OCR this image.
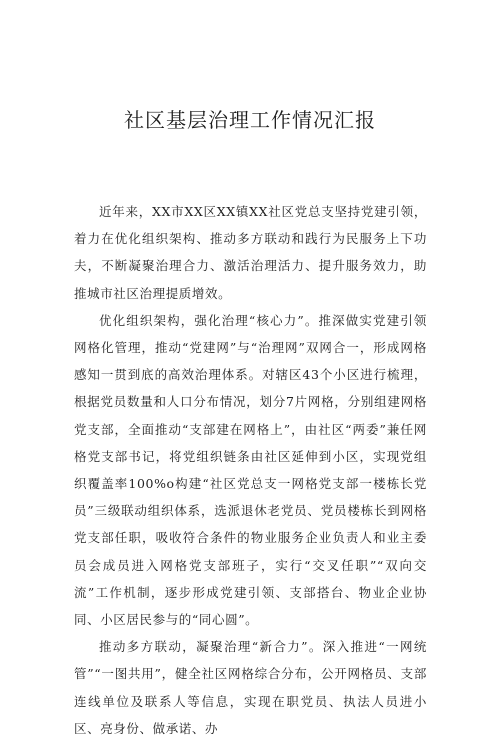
社区基层治理工作情况汇报

近年来，XX市XX区XX镇XX社区党总支坚持党建引领，着力在优化组织架构、推动多方联动和践行为民服务上下功夫，不断凝聚治理合力、激活治理活力、提升服务效力，助推城市社区治理提质增效。

优化组织架构，强化治理“核心力”。推深做实党建引领网格化管理，推动“党建网”与“治理网”双网合一，形成网格感知一贯到底的高效治理体系。对辖区43个小区进行梳理，根据党员数量和人口分布情况，划分7片网格，分别组建网格党支部，全面推动“支部建在网格上”，由社区“两委”兼任网格党支部书记，将党组织链条由社区延伸到小区，实现党组织覆盖率100%o构建“社区党总支一网格党支部一楼栋长党员”三级联动组织体系，选派退休老党员、党员楼栋长到网格党支部任职，吸收符合条件的物业服务企业负责人和业主委员会成员进入网格党支部班子，实行“交叉任职”“双向交流”工作机制，逐步形成党建引领、支部搭台、物业企业协同、小区居民参与的“同心圆”。

推动多方联动，凝聚治理“新合力”。深入推进“一网统管”“一图共用”，健全社区网格综合分布，公开网格员、支部连线单位及联系人等信息，实现在职党员、执法人员进小区、亮身份、做承诺、办
